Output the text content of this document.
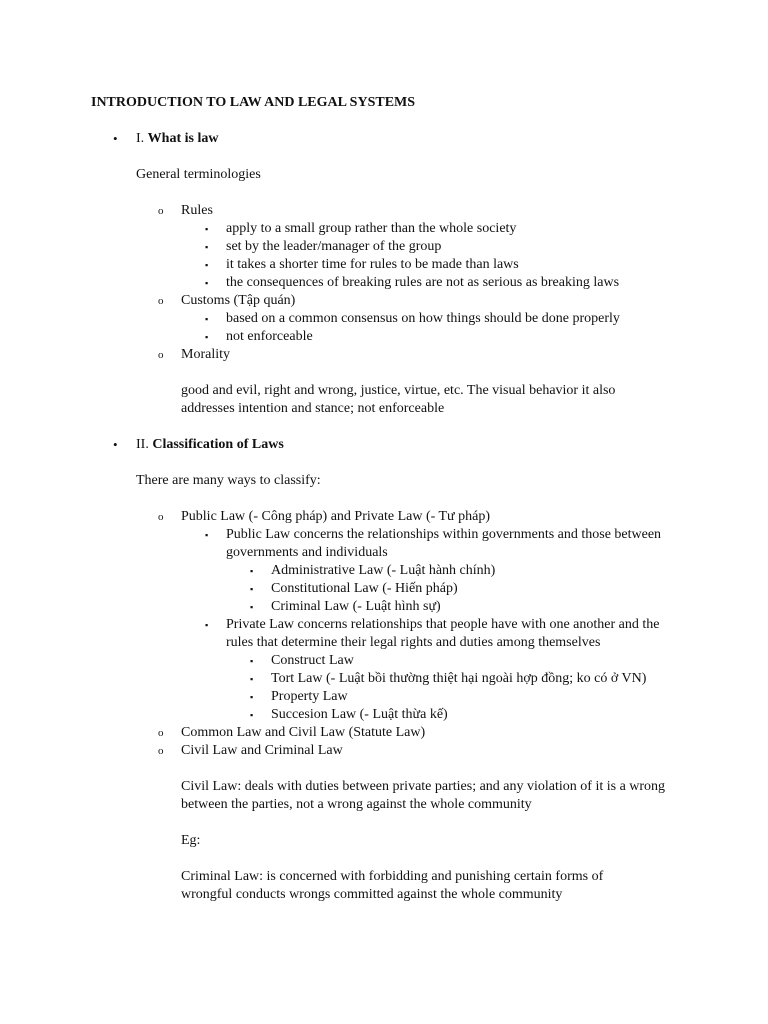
INTRODUCTION TO LAW AND LEGAL SYSTEMS
• I. What is law
General terminologies
o Rules
▪ apply to a small group rather than the whole society
▪ set by the leader/manager of the group
▪ it takes a shorter time for rules to be made than laws
▪ the consequences of breaking rules are not as serious as breaking laws
o Customs (Tập quán)
▪ based on a common consensus on how things should be done properly
▪ not enforceable
o Morality
good and evil, right and wrong, justice, virtue, etc. The visual behavior it also addresses intention and stance; not enforceable
• II. Classification of Laws
There are many ways to classify:
o Public Law (- Công pháp) and Private Law (- Tư pháp)
▪ Public Law concerns the relationships within governments and those between governments and individuals
▪ Administrative Law (- Luật hành chính)
▪ Constitutional Law (- Hiến pháp)
▪ Criminal Law (- Luật hình sự)
▪ Private Law concerns relationships that people have with one another and the rules that determine their legal rights and duties among themselves
▪ Construct Law
▪ Tort Law (- Luật bồi thường thiệt hại ngoài hợp đồng; ko có ở VN)
▪ Property Law
▪ Succesion Law (- Luật thừa kế)
o Common Law and Civil Law (Statute Law)
o Civil Law and Criminal Law
Civil Law: deals with duties between private parties; and any violation of it is a wrong between the parties, not a wrong against the whole community
Eg:
Criminal Law: is concerned with forbidding and punishing certain forms of wrongful conducts wrongs committed against the whole community
